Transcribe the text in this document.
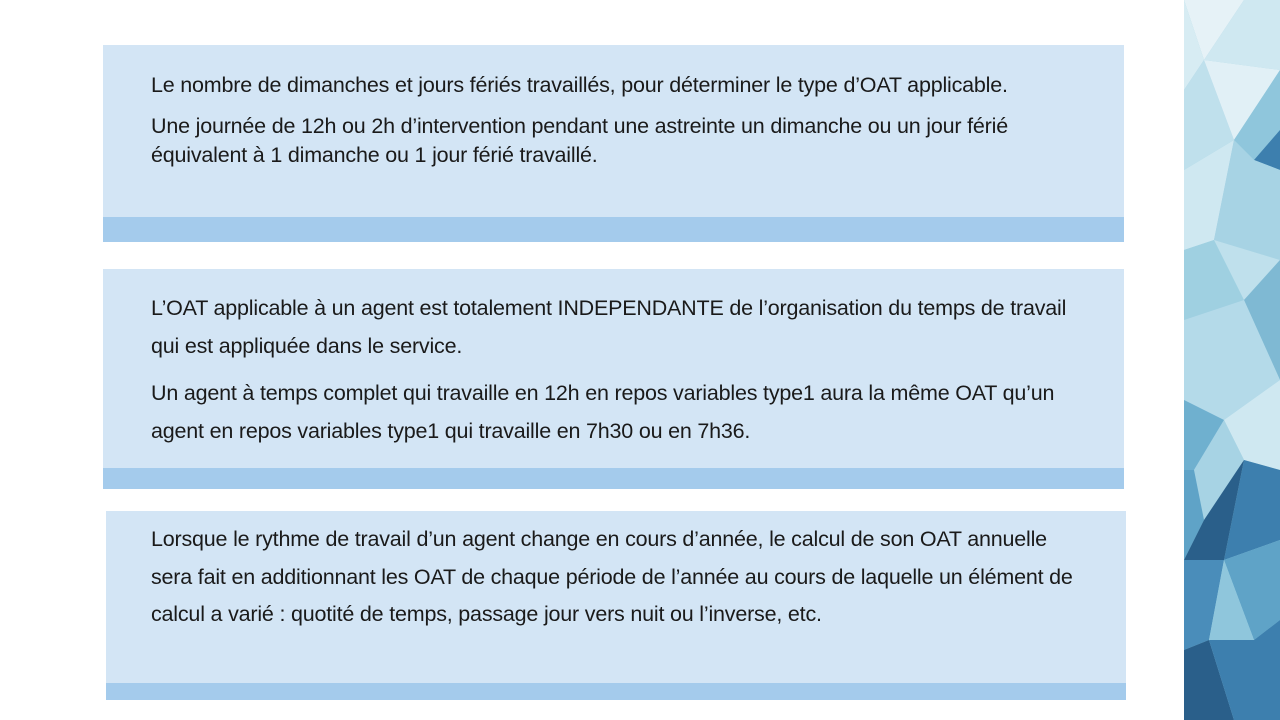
Le nombre de dimanches et jours fériés travaillés, pour déterminer le type d’OAT applicable.

Une journée de 12h ou 2h d’intervention pendant une astreinte un dimanche ou un jour férié équivalent à 1 dimanche ou 1 jour férié travaillé.

L’OAT applicable à un agent est totalement INDEPENDANTE de l’organisation du temps de travail qui est appliquée dans le service.

Un agent à temps complet qui travaille en 12h en repos variables type1 aura la même OAT qu’un agent en repos variables type1 qui travaille en 7h30 ou en 7h36.

Lorsque le rythme de travail d’un agent change en cours d’année, le calcul de son OAT annuelle sera fait en additionnant les OAT de chaque période de l’année au cours de laquelle un élément de calcul a varié : quotité de temps, passage jour vers nuit ou l’inverse, etc.
